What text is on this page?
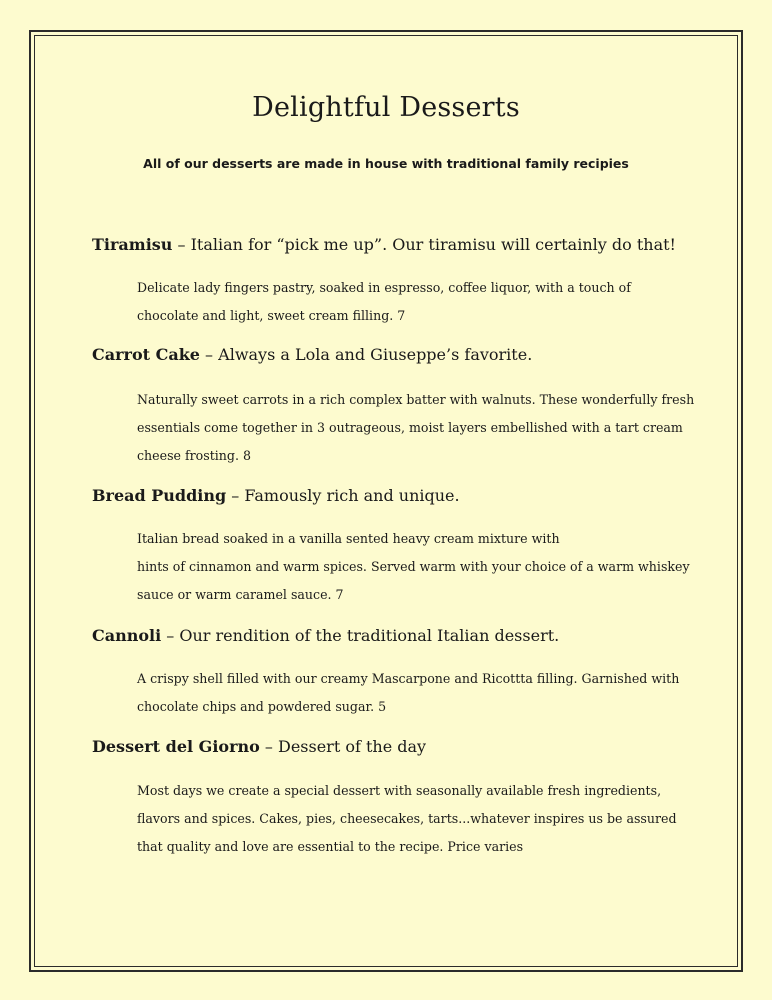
Delightful Desserts
All of our desserts are made in house with traditional family recipies
Tiramisu – Italian for “pick me up”. Our tiramisu will certainly do that!
Delicate lady fingers pastry, soaked in espresso, coffee liquor, with a touch of
chocolate and light, sweet cream filling. 7
Carrot Cake – Always a Lola and Giuseppe’s favorite.
Naturally sweet carrots in a rich complex batter with walnuts. These wonderfully fresh
essentials come together in 3 outrageous, moist layers embellished with a tart cream
cheese frosting. 8
Bread Pudding – Famously rich and unique.
Italian bread soaked in a vanilla sented heavy cream mixture with
hints of cinnamon and warm spices. Served warm with your choice of a warm whiskey
sauce or warm caramel sauce. 7
Cannoli – Our rendition of the traditional Italian dessert.
A crispy shell filled with our creamy Mascarpone and Ricottta filling. Garnished with
chocolate chips and powdered sugar. 5
Dessert del Giorno – Dessert of the day
Most days we create a special dessert with seasonally available fresh ingredients,
flavors and spices. Cakes, pies, cheesecakes, tarts...whatever inspires us be assured
that quality and love are essential to the recipe. Price varies
